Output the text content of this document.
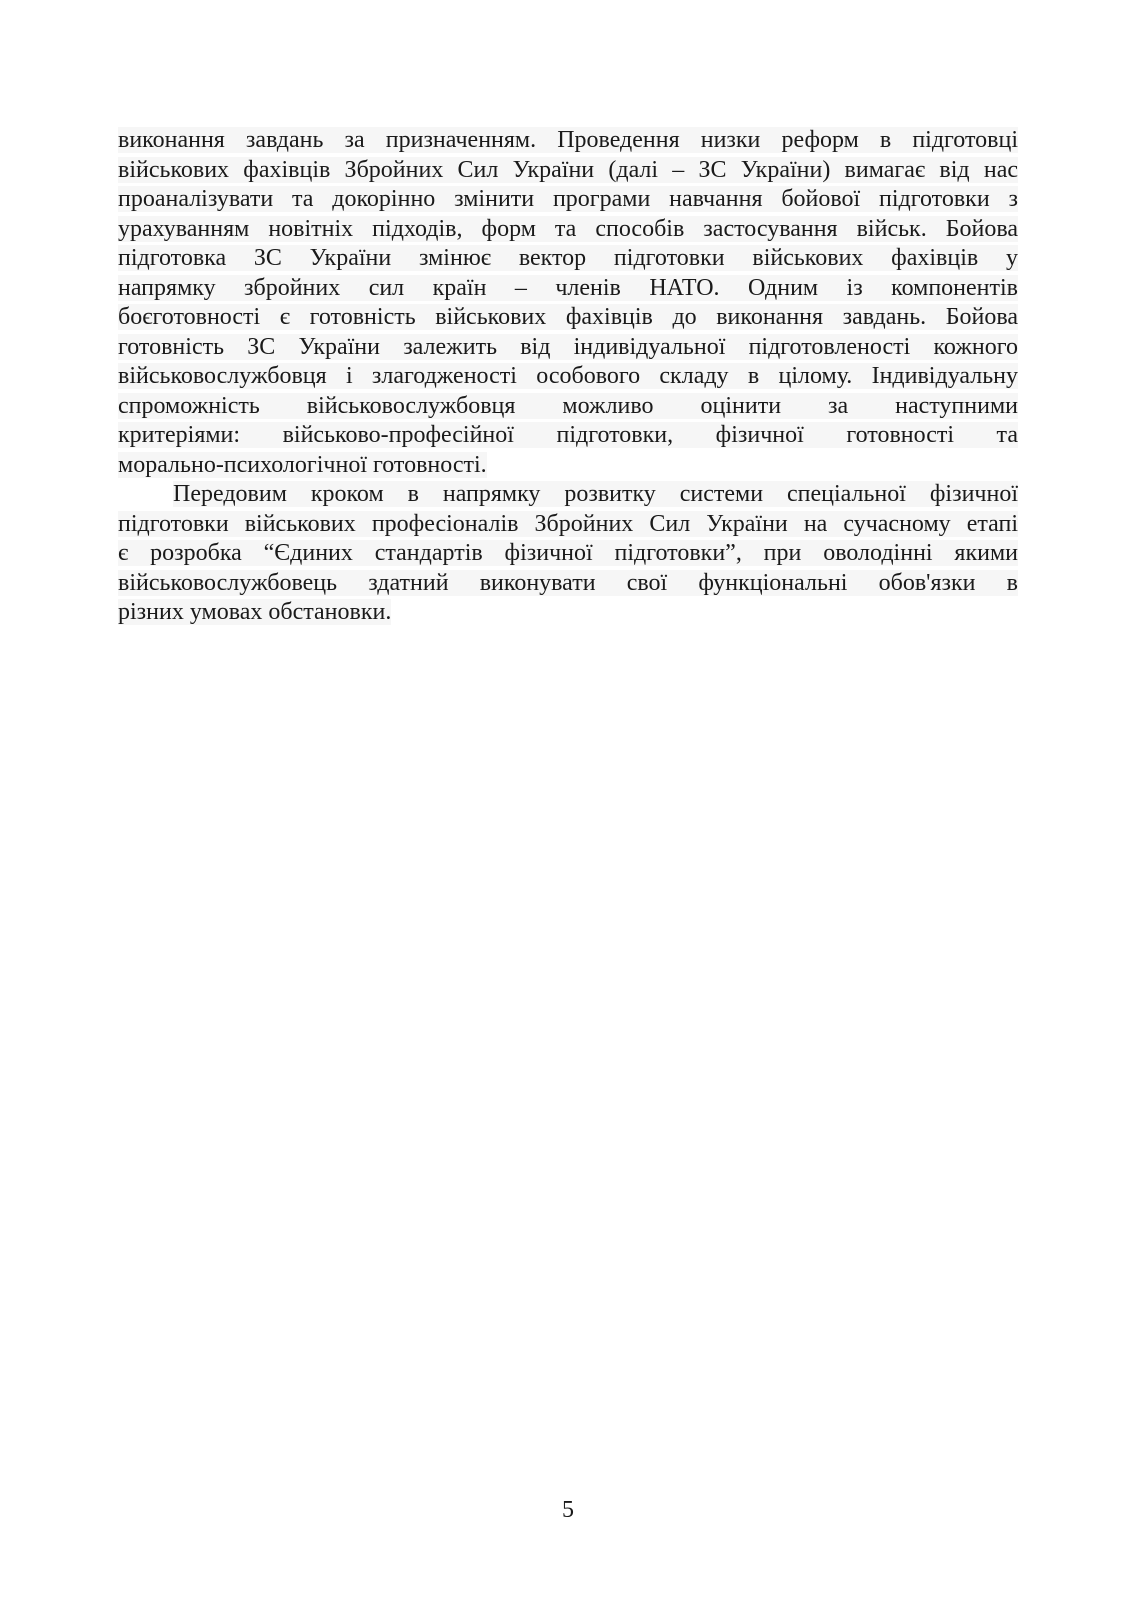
виконання завдань за призначенням. Проведення низки реформ в підготовці
військових фахівців Збройних Сил України (далі – ЗС України) вимагає від нас
проаналізувати та докорінно змінити програми навчання бойової підготовки з
урахуванням новітніх підходів, форм та способів застосування військ. Бойова
підготовка ЗС України змінює вектор підготовки військових фахівців у
напрямку збройних сил країн – членів НАТО. Одним із компонентів
боєготовності є готовність військових фахівців до виконання завдань. Бойова
готовність ЗС України залежить від індивідуальної підготовленості кожного
військовослужбовця і злагодженості особового складу в цілому. Індивідуальну
спроможність військовослужбовця можливо оцінити за наступними
критеріями: військово-професійної підготовки, фізичної готовності та
морально-психологічної готовності.
Передовим кроком в напрямку розвитку системи спеціальної фізичної
підготовки військових професіоналів Збройних Сил України на сучасному етапі
є розробка “Єдиних стандартів фізичної підготовки”, при оволодінні якими
військовослужбовець здатний виконувати свої функціональні обов'язки в
різних умовах обстановки.
5
